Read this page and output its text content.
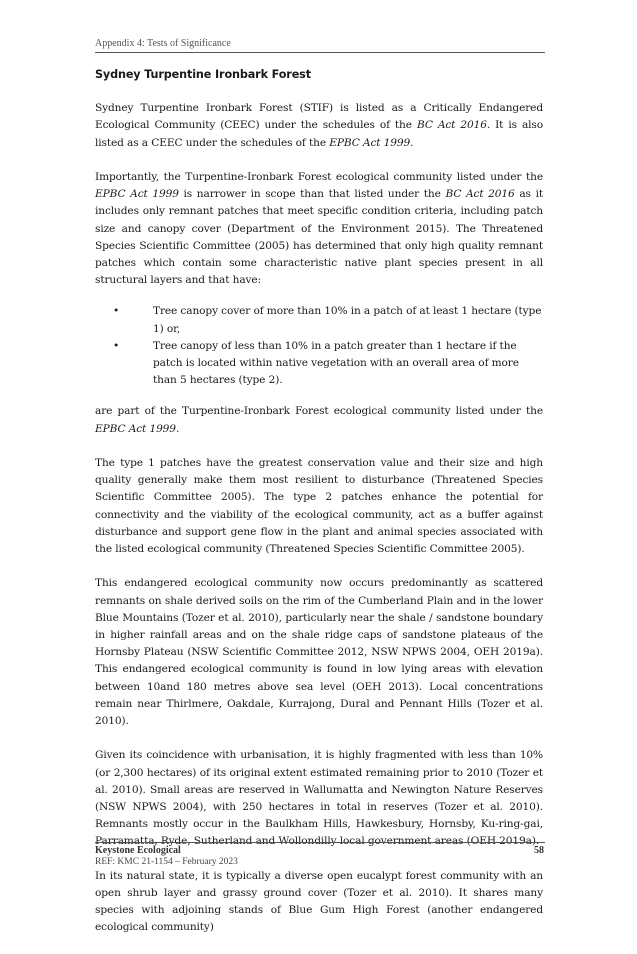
Appendix 4: Tests of Significance
Sydney Turpentine Ironbark Forest
Sydney Turpentine Ironbark Forest (STIF) is listed as a Critically Endangered Ecological Community (CEEC) under the schedules of the BC Act 2016. It is also listed as a CEEC under the schedules of the EPBC Act 1999.
Importantly, the Turpentine-Ironbark Forest ecological community listed under the EPBC Act 1999 is narrower in scope than that listed under the BC Act 2016 as it includes only remnant patches that meet specific condition criteria, including patch size and canopy cover (Department of the Environment 2015). The Threatened Species Scientific Committee (2005) has determined that only high quality remnant patches which contain some characteristic native plant species present in all structural layers and that have:
•	Tree canopy cover of more than 10% in a patch of at least 1 hectare (type 1) or,
•	Tree canopy of less than 10% in a patch greater than 1 hectare if the patch is located within native vegetation with an overall area of more than 5 hectares (type 2).
are part of the Turpentine-Ironbark Forest ecological community listed under the EPBC Act 1999.
The type 1 patches have the greatest conservation value and their size and high quality generally make them most resilient to disturbance (Threatened Species Scientific Committee 2005). The type 2 patches enhance the potential for connectivity and the viability of the ecological community, act as a buffer against disturbance and support gene flow in the plant and animal species associated with the listed ecological community (Threatened Species Scientific Committee 2005).
This endangered ecological community now occurs predominantly as scattered remnants on shale derived soils on the rim of the Cumberland Plain and in the lower Blue Mountains (Tozer et al. 2010), particularly near the shale / sandstone boundary in higher rainfall areas and on the shale ridge caps of sandstone plateaus of the Hornsby Plateau (NSW Scientific Committee 2012, NSW NPWS 2004, OEH 2019a). This endangered ecological community is found in low lying areas with elevation between 10and 180 metres above sea level (OEH 2013). Local concentrations remain near Thirlmere, Oakdale, Kurrajong, Dural and Pennant Hills (Tozer et al. 2010).
Given its coincidence with urbanisation, it is highly fragmented with less than 10% (or 2,300 hectares) of its original extent estimated remaining prior to 2010 (Tozer et al. 2010). Small areas are reserved in Wallumatta and Newington Nature Reserves (NSW NPWS 2004), with 250 hectares in total in reserves (Tozer et al. 2010). Remnants mostly occur in the Baulkham Hills, Hawkesbury, Hornsby, Ku-ring-gai, Parramatta, Ryde, Sutherland and Wollondilly local government areas (OEH 2019a).
In its natural state, it is typically a diverse open eucalypt forest community with an open shrub layer and grassy ground cover (Tozer et al. 2010). It shares many species with adjoining stands of Blue Gum High Forest (another endangered ecological community)
Keystone Ecological
REF: KMC 21-1154 – February 2023
58
